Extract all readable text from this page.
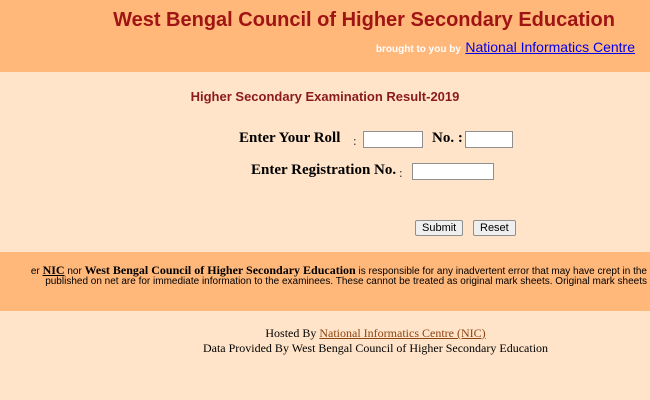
West Bengal Council of Higher Secondary Education
brought to you by National Informatics Centre
Higher Secondary Examination Result-2019
Enter Your Roll :	No. :
Enter Registration No. :
Submit	Reset
er NIC nor West Bengal Council of Higher Secondary Education is responsible for any inadvertent error that may have crept in the
published on net are for immediate information to the examinees. These cannot be treated as original mark sheets. Original mark sheets
Hosted By National Informatics Centre (NIC)
Data Provided By West Bengal Council of Higher Secondary Education
